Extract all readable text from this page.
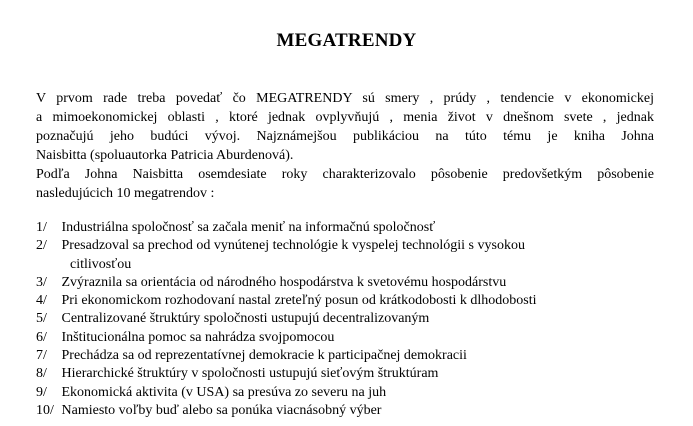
MEGATRENDY
V prvom rade treba povedať čo MEGATRENDY sú smery , prúdy , tendencie v ekonomickej
a mimoekonomickej oblasti , ktoré jednak ovplyvňujú , menia život v dnešnom svete , jednak
poznačujú jeho budúci vývoj. Najznámejšou publikáciou na túto tému je kniha Johna
Naisbitta (spoluautorka Patricia Aburdenová).
Podľa Johna Naisbitta osemdesiate roky charakterizovalo pôsobenie predovšetkým pôsobenie
nasledujúcich 10 megatrendov :
1/ Industriálna spoločnosť sa začala meniť na informačnú spoločnosť
2/ Presadzoval sa prechod od vynútenej technológie k vyspelej technológii s vysokou
citlivosťou
3/ Zvýraznila sa orientácia od národného hospodárstva k svetovému hospodárstvu
4/ Pri ekonomickom rozhodovaní nastal zreteľný posun od krátkodobosti k dlhodobosti
5/ Centralizované štruktúry spoločnosti ustupujú decentralizovaným
6/ Inštitucionálna pomoc sa nahrádza svojpomocou
7/ Prechádza sa od reprezentatívnej demokracie k participačnej demokracii
8/ Hierarchické štruktúry v spoločnosti ustupujú sieťovým štruktúram
9/ Ekonomická aktivita (v USA) sa presúva zo severu na juh
10/ Namiesto voľby buď alebo sa ponúka viacnásobný výber
